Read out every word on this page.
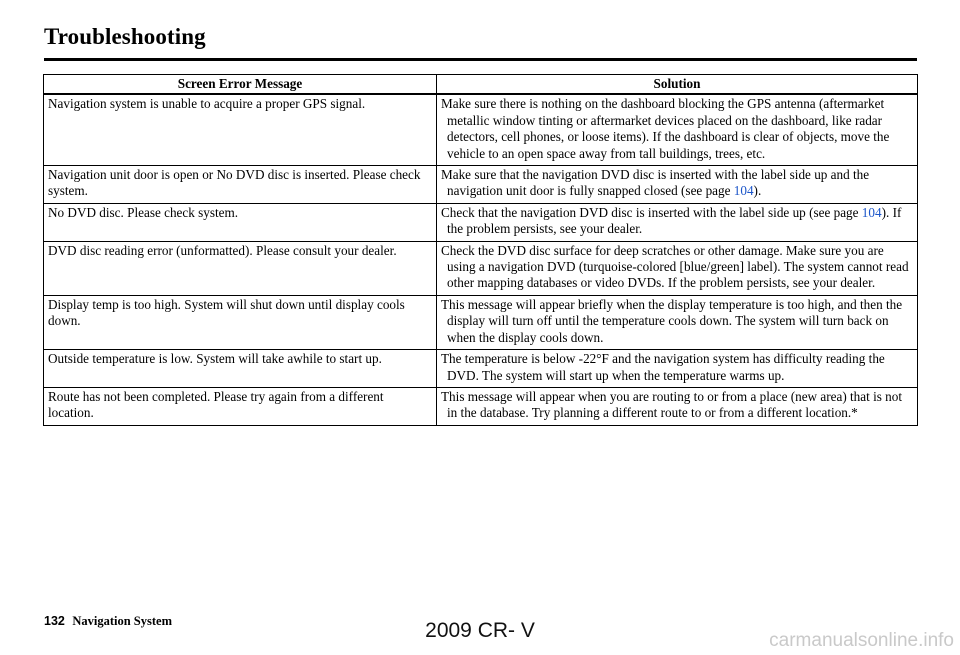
Troubleshooting
Screen Error Message	Solution
Navigation system is unable to acquire a proper GPS signal.	Make sure there is nothing on the dashboard blocking the GPS antenna (aftermarket metallic window tinting or aftermarket devices placed on the dashboard, like radar detectors, cell phones, or loose items). If the dashboard is clear of objects, move the vehicle to an open space away from tall buildings, trees, etc.

Navigation unit door is open or No DVD disc is inserted. Please check system.	Make sure that the navigation DVD disc is inserted with the label side up and the navigation unit door is fully snapped closed (see page 104).

No DVD disc. Please check system.	Check that the navigation DVD disc is inserted with the label side up (see page 104). If the problem persists, see your dealer.

DVD disc reading error (unformatted). Please consult your dealer.	Check the DVD disc surface for deep scratches or other damage. Make sure you are using a navigation DVD (turquoise-colored [blue/green] label). The system cannot read other mapping databases or video DVDs. If the problem persists, see your dealer.

Display temp is too high. System will shut down until display cools down.	This message will appear briefly when the display temperature is too high, and then the display will turn off until the temperature cools down. The system will turn back on when the display cools down.

Outside temperature is low. System will take awhile to start up.	The temperature is below -22°F and the navigation system has difficulty reading the DVD. The system will start up when the temperature warms up.

Route has not been completed. Please try again from a different location.	This message will appear when you are routing to or from a place (new area) that is not in the database. Try planning a different route to or from a different location.*
132 Navigation System	2009 CR- V	carmanualsonline.info
